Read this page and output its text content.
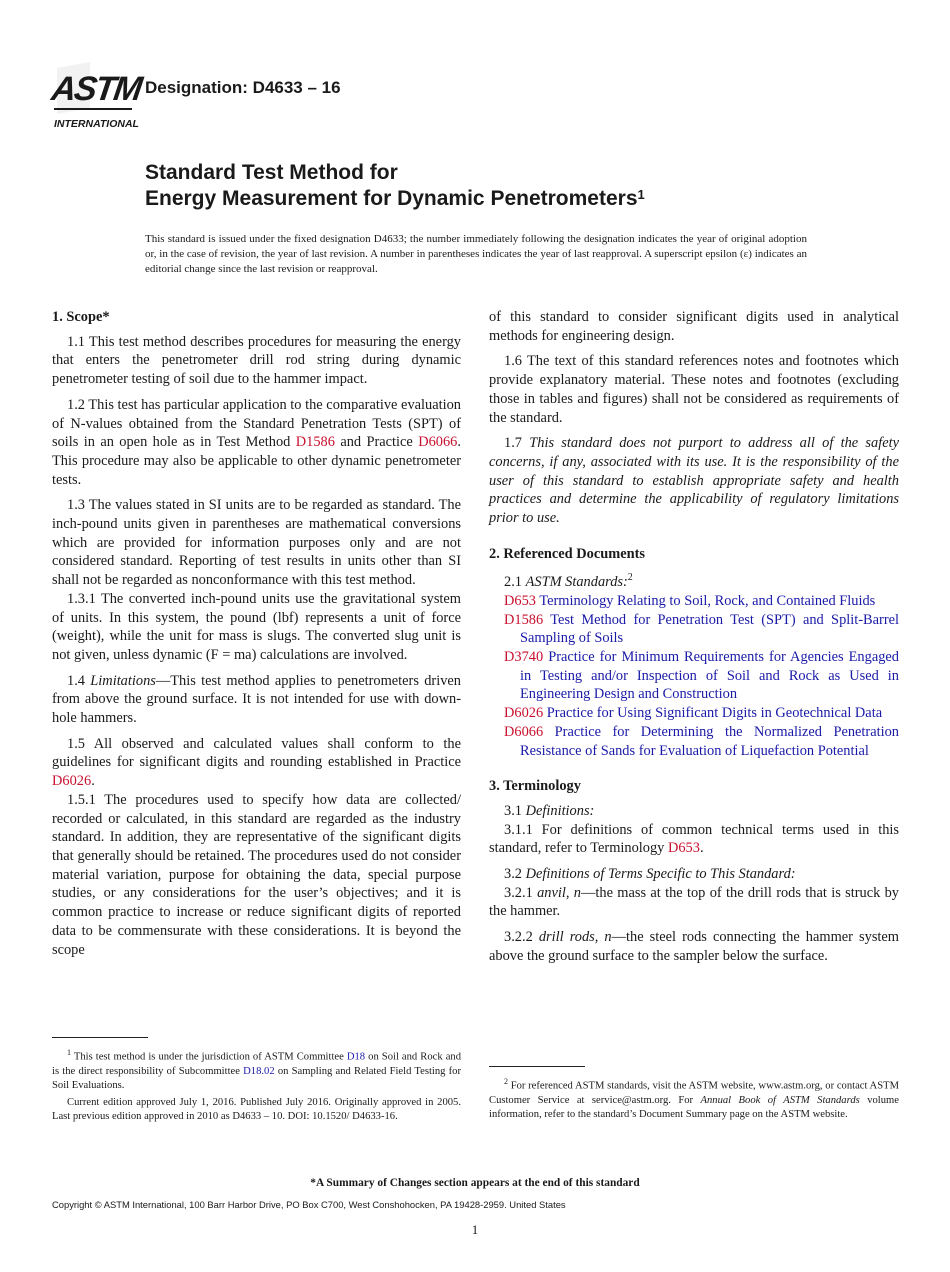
ASTM
INTERNATIONAL
Designation: D4633 – 16
Standard Test Method for
Energy Measurement for Dynamic Penetrometers$^1$
This standard is issued under the fixed designation D4633; the number immediately following the designation indicates the year of original adoption or, in the case of revision, the year of last revision. A number in parentheses indicates the year of last reapproval. A superscript epsilon (ε) indicates an editorial change since the last revision or reapproval.
1. Scope*

1.1 This test method describes procedures for measuring the energy that enters the penetrometer drill rod string during dynamic penetrometer testing of soil due to the hammer impact.

1.2 This test has particular application to the comparative evaluation of N-values obtained from the Standard Penetration Tests (SPT) of soils in an open hole as in Test Method D1586 and Practice D6066. This procedure may also be applicable to other dynamic penetrometer tests.

1.3 The values stated in SI units are to be regarded as standard. The inch-pound units given in parentheses are mathematical conversions which are provided for information purposes only and are not considered standard. Reporting of test results in units other than SI shall not be regarded as nonconformance with this test method.

1.3.1 The converted inch-pound units use the gravitational system of units. In this system, the pound (lbf) represents a unit of force (weight), while the unit for mass is slugs. The converted slug unit is not given, unless dynamic (F = ma) calculations are involved.

1.4 Limitations—This test method applies to penetrometers driven from above the ground surface. It is not intended for use with down-hole hammers.

1.5 All observed and calculated values shall conform to the guidelines for significant digits and rounding established in Practice D6026.

1.5.1 The procedures used to specify how data are collected/ recorded or calculated, in this standard are regarded as the industry standard. In addition, they are representative of the significant digits that generally should be retained. The procedures used do not consider material variation, purpose for obtaining the data, special purpose studies, or any considerations for the user’s objectives; and it is common practice to increase or reduce significant digits of reported data to be commensurate with these considerations. It is beyond the scope

of this standard to consider significant digits used in analytical methods for engineering design.

1.6 The text of this standard references notes and footnotes which provide explanatory material. These notes and footnotes (excluding those in tables and figures) shall not be considered as requirements of the standard.

1.7 This standard does not purport to address all of the safety concerns, if any, associated with its use. It is the responsibility of the user of this standard to establish appropriate safety and health practices and determine the applicability of regulatory limitations prior to use.

2. Referenced Documents

2.1 ASTM Standards:$^2$

D653 Terminology Relating to Soil, Rock, and Contained Fluids
D1586 Test Method for Penetration Test (SPT) and Split-Barrel Sampling of Soils
D3740 Practice for Minimum Requirements for Agencies Engaged in Testing and/or Inspection of Soil and Rock as Used in Engineering Design and Construction
D6026 Practice for Using Significant Digits in Geotechnical Data
D6066 Practice for Determining the Normalized Penetration Resistance of Sands for Evaluation of Liquefaction Potential
3. Terminology

3.1 Definitions:

3.1.1 For definitions of common technical terms used in this standard, refer to Terminology D653.

3.2 Definitions of Terms Specific to This Standard:

3.2.1 anvil, n—the mass at the top of the drill rods that is struck by the hammer.

3.2.2 drill rods, n—the steel rods connecting the hammer system above the ground surface to the sampler below the surface.

$^1$ This test method is under the jurisdiction of ASTM Committee D18 on Soil and Rock and is the direct responsibility of Subcommittee D18.02 on Sampling and Related Field Testing for Soil Evaluations.

Current edition approved July 1, 2016. Published July 2016. Originally approved in 2005. Last previous edition approved in 2010 as D4633 – 10. DOI: 10.1520/ D4633-16.

$^2$ For referenced ASTM standards, visit the ASTM website, www.astm.org, or contact ASTM Customer Service at service@astm.org. For Annual Book of ASTM Standards volume information, refer to the standard’s Document Summary page on the ASTM website.

*A Summary of Changes section appears at the end of this standard
Copyright © ASTM International, 100 Barr Harbor Drive, PO Box C700, West Conshohocken, PA 19428-2959. United States
1
